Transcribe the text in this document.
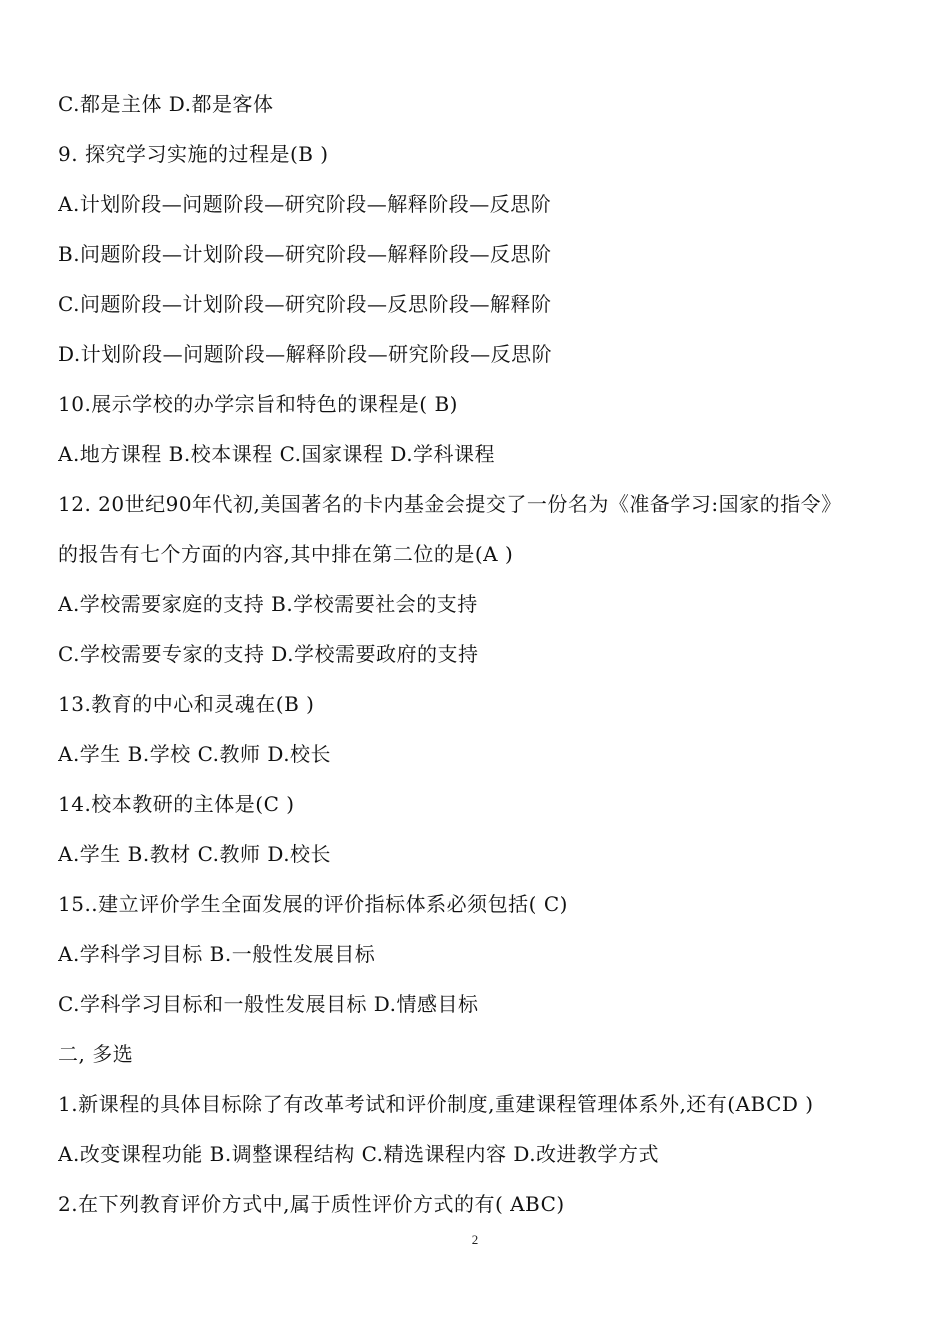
C.都是主体 D.都是客体
9. 探究学习实施的过程是(B )
A.计划阶段—问题阶段—研究阶段—解释阶段—反思阶
B.问题阶段—计划阶段—研究阶段—解释阶段—反思阶
C.问题阶段—计划阶段—研究阶段—反思阶段—解释阶
D.计划阶段—问题阶段—解释阶段—研究阶段—反思阶
10.展示学校的办学宗旨和特色的课程是( B)
A.地方课程 B.校本课程 C.国家课程 D.学科课程
12. 20世纪90年代初,美国著名的卡内基金会提交了一份名为《准备学习:国家的指令》
的报告有七个方面的内容,其中排在第二位的是(A )
A.学校需要家庭的支持 B.学校需要社会的支持
C.学校需要专家的支持 D.学校需要政府的支持
13.教育的中心和灵魂在(B )
A.学生 B.学校 C.教师 D.校长
14.校本教研的主体是(C )
A.学生 B.教材 C.教师 D.校长
15..建立评价学生全面发展的评价指标体系必须包括( C)
A.学科学习目标 B.一般性发展目标
C.学科学习目标和一般性发展目标 D.情感目标
二, 多选
1.新课程的具体目标除了有改革考试和评价制度,重建课程管理体系外,还有(ABCD )
A.改变课程功能 B.调整课程结构 C.精选课程内容 D.改进教学方式
2.在下列教育评价方式中,属于质性评价方式的有( ABC)
2
